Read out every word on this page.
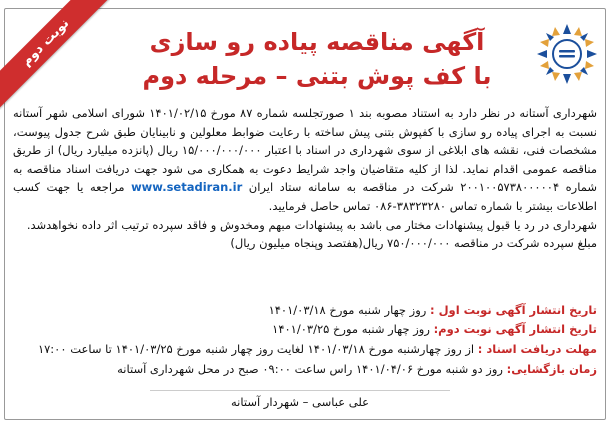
نوبت دوم	آگهی مناقصه پیاده رو سازی
با کف پوش بتنی – مرحله دوم

شهرداری آستانه در نظر دارد به استناد مصوبه بند ۱ صورتجلسه شماره ۸۷ مورخ ۱۴۰۱/۰۲/۱۵ شورای اسلامی شهر آستانه نسبت به اجرای پیاده رو سازی با کفپوش بتنی پیش ساخته با رعایت ضوابط معلولین و نابینایان طبق شرح جدول پیوست، مشخصات فنی، نقشه های ابلاغی از سوی شهرداری در اسناد با اعتبار ۱۵/۰۰۰/۰۰۰/۰۰۰ ریال (پانزده میلیارد ریال) از طریق مناقصه عمومی اقدام نماید. لذا از کلیه متقاضیان واجد شرایط دعوت به همکاری می شود جهت دریافت اسناد مناقصه به شماره ۲۰۰۱۰۰۵۷۳۸۰۰۰۰۰۴ شرکت در مناقصه به سامانه ستاد ایران www.setadiran.ir مراجعه یا جهت کسب اطلاعات بیشتر با شماره تماس ۳۸۳۲۳۲۸۰-۰۸۶ تماس حاصل فرمایید.

شهرداری در رد یا قبول پیشنهادات مختار می باشد به پیشنهادات مبهم ومخدوش و فاقد سپرده ترتیب اثر داده نخواهدشد.

مبلغ سپرده شرکت در مناقصه ۷۵۰/۰۰۰/۰۰۰ ریال(هفتصد وپنجاه میلیون ریال)

تاریخ انتشار آگهی نوبت اول : روز چهار شنبه مورخ ۱۴۰۱/۰۳/۱۸
تاریخ انتشار آگهی نوبت دوم: روز چهار شنبه مورخ ۱۴۰۱/۰۳/۲۵
مهلت دریافت اسناد : از روز چهارشنبه مورخ ۱۴۰۱/۰۳/۱۸ لغایت روز چهار شنبه مورخ ۱۴۰۱/۰۳/۲۵ تا ساعت ۱۷:۰۰
زمان بازگشایی: روز دو شنبه مورخ ۱۴۰۱/۰۴/۰۶ راس ساعت ۰۹:۰۰ صبح در محل شهرداری آستانه
علی عباسی – شهردار آستانه
